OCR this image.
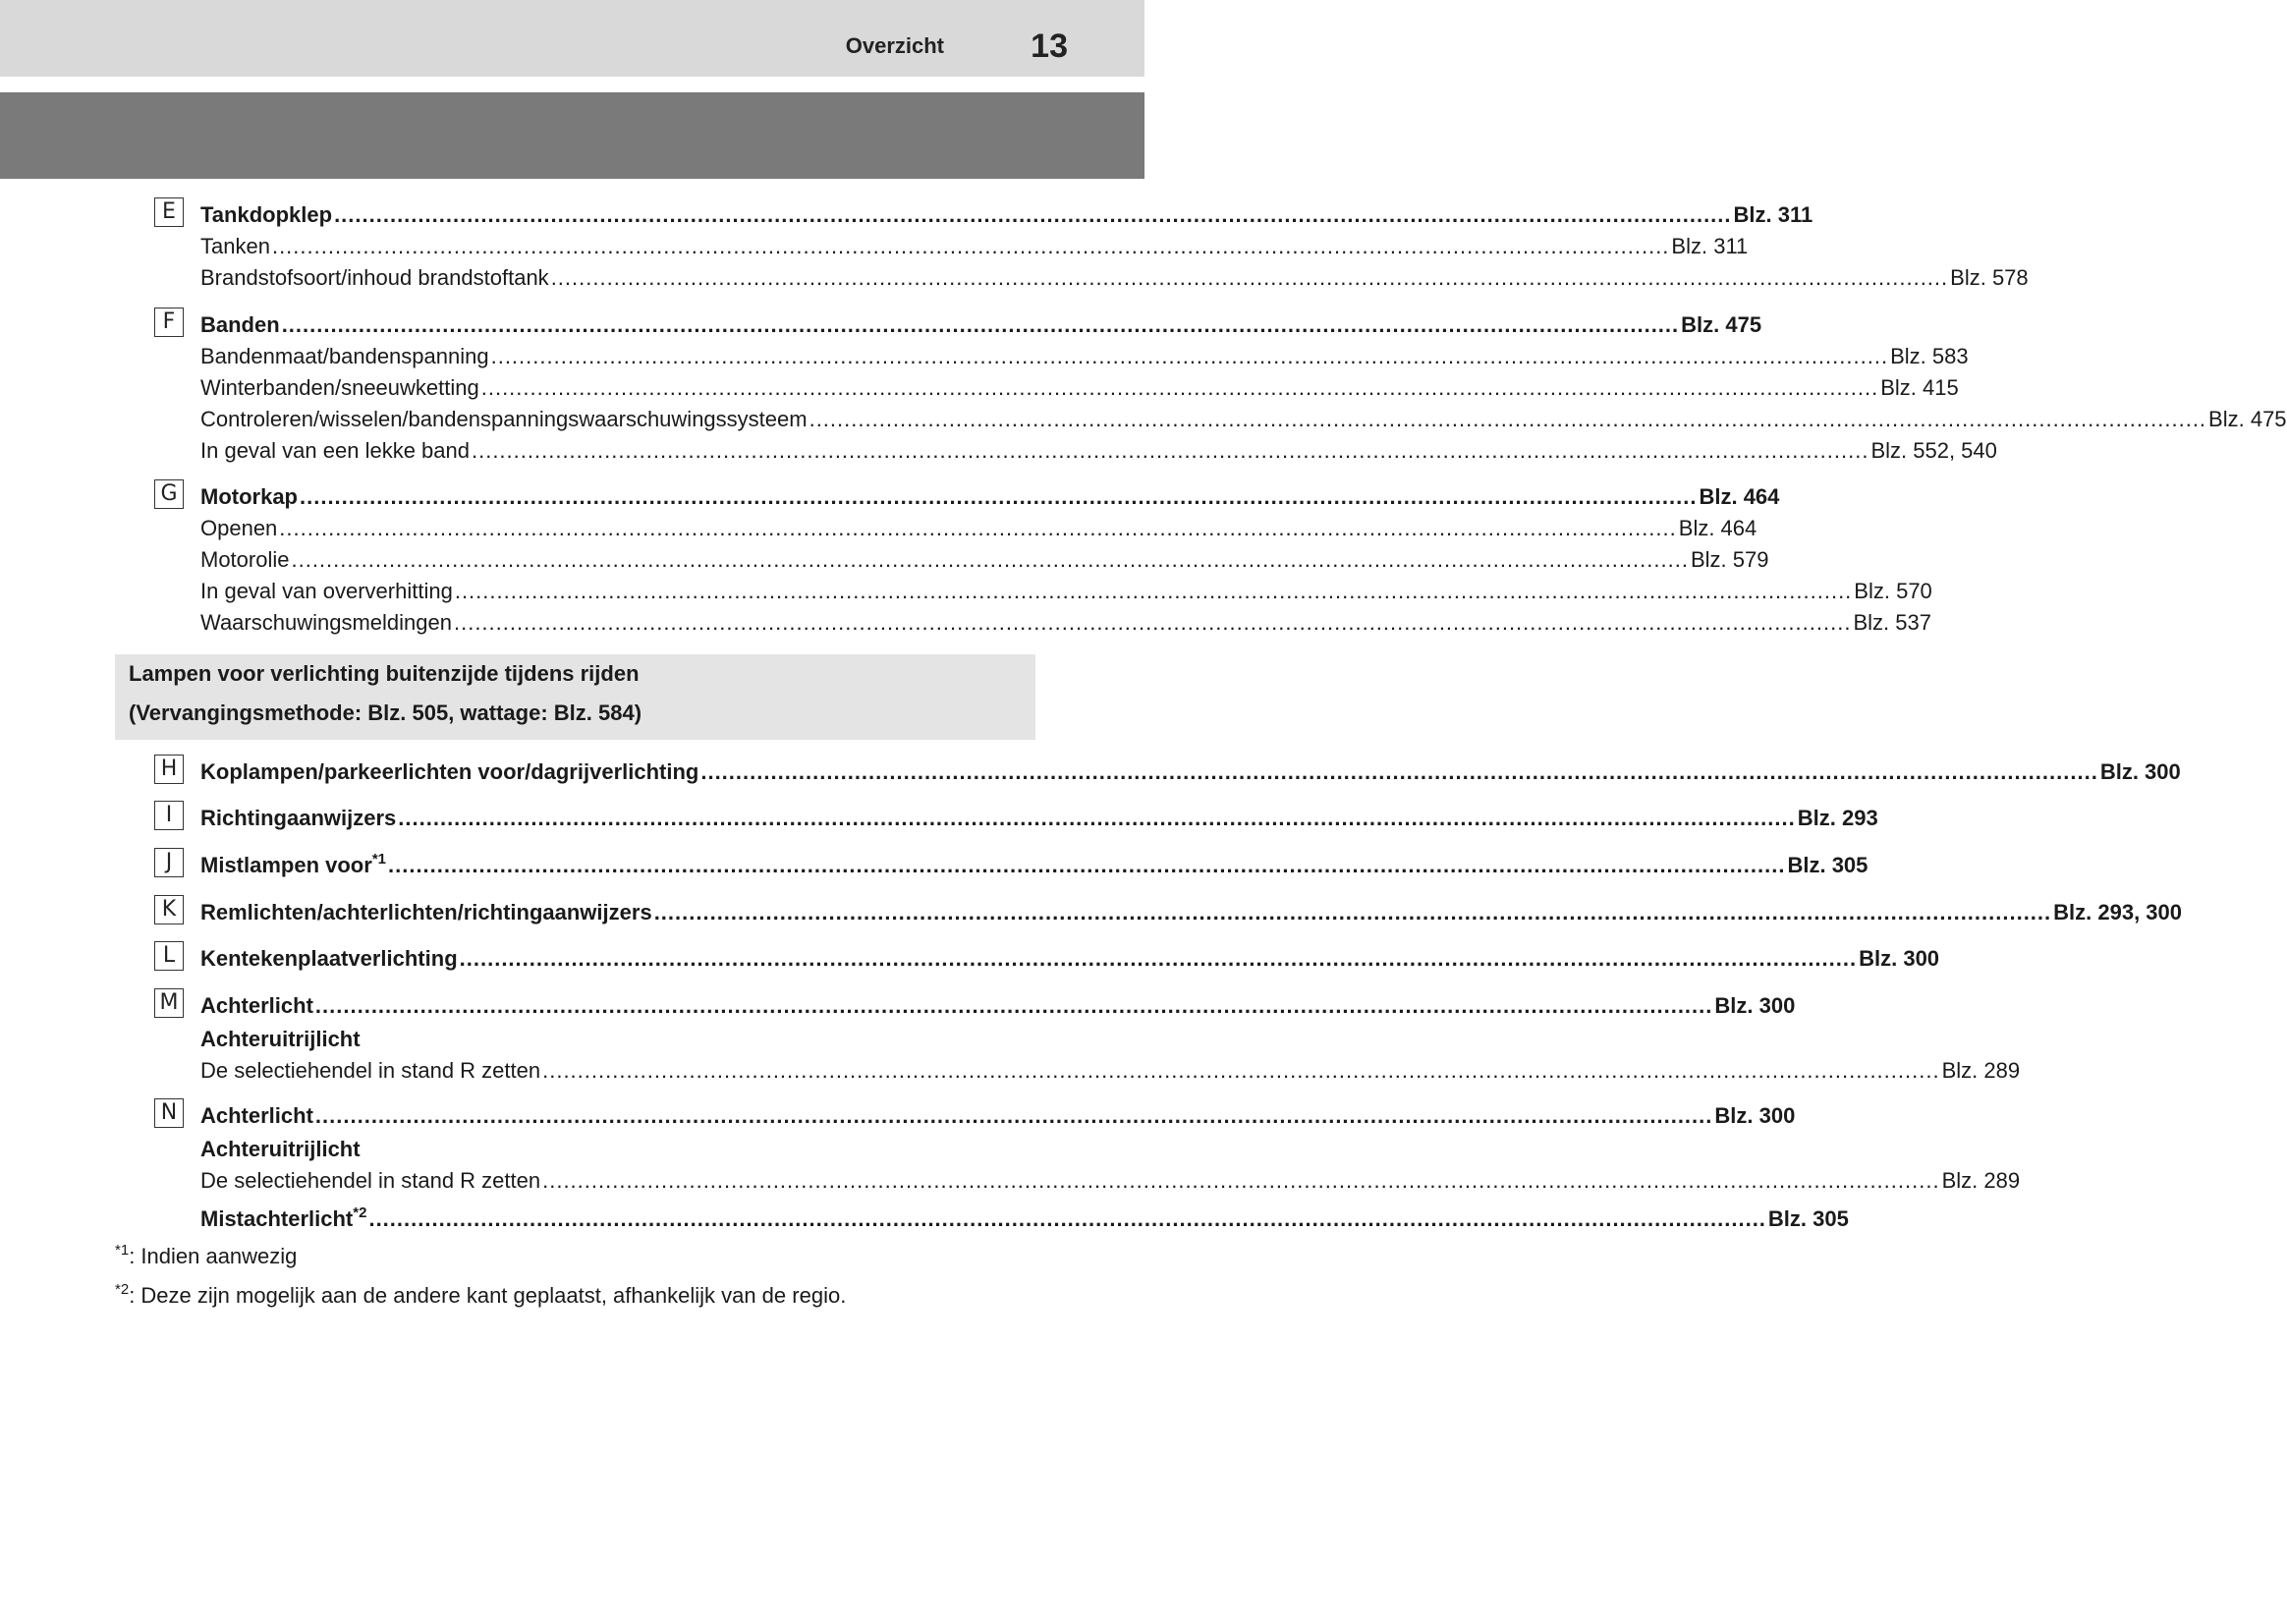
Overzicht	13
E	Tankdopklep ........................................................................................................................................................................................................ Blz. 311
Tanken ........................................................................................................................................................................................................ Blz. 311
Brandstofsoort/inhoud brandstoftank ........................................................................................................................................................................................................ Blz. 578
F	Banden ........................................................................................................................................................................................................ Blz. 475
Bandenmaat/bandenspanning ........................................................................................................................................................................................................ Blz. 583
Winterbanden/sneeuwketting ........................................................................................................................................................................................................ Blz. 415
Controleren/wisselen/bandenspanningswaarschuwingssysteem ........................................................................................................................................................................................................ Blz. 475
In geval van een lekke band ........................................................................................................................................................................................................ Blz. 552, 540
G Motorkap ........................................................................................................................................................................................................ Blz. 464
Openen ........................................................................................................................................................................................................ Blz. 464
Motorolie ........................................................................................................................................................................................................ Blz. 579
In geval van oververhitting ........................................................................................................................................................................................................ Blz. 570
Waarschuwingsmeldingen ........................................................................................................................................................................................................ Blz. 537
Lampen voor verlichting buitenzijde tijdens rijden
(Vervangingsmethode: Blz. 505, wattage: Blz. 584)
H	Koplampen/parkeerlichten voor/dagrijverlichting ........................................................................................................................................................................................................ Blz. 300
I	Richtingaanwijzers ........................................................................................................................................................................................................ Blz. 293
J	Mistlampen voor$^{*1}$ ........................................................................................................................................................................................................ Blz. 305
K	Remlichten/achterlichten/richtingaanwijzers ........................................................................................................................................................................................................ Blz. 293, 300
L	Kentekenplaatverlichting ........................................................................................................................................................................................................ Blz. 300
M Achterlicht ........................................................................................................................................................................................................ Blz. 300
Achteruitrijlicht
De selectiehendel in stand R zetten ........................................................................................................................................................................................................ Blz. 289
N	Achterlicht ........................................................................................................................................................................................................ Blz. 300
Achteruitrijlicht
De selectiehendel in stand R zetten ........................................................................................................................................................................................................ Blz. 289
Mistachterlicht$^{*2}$ ........................................................................................................................................................................................................ Blz. 305
$^{*1}$: Indien aanwezig
$^{*2}$: Deze zijn mogelijk aan de andere kant geplaatst, afhankelijk van de regio.
